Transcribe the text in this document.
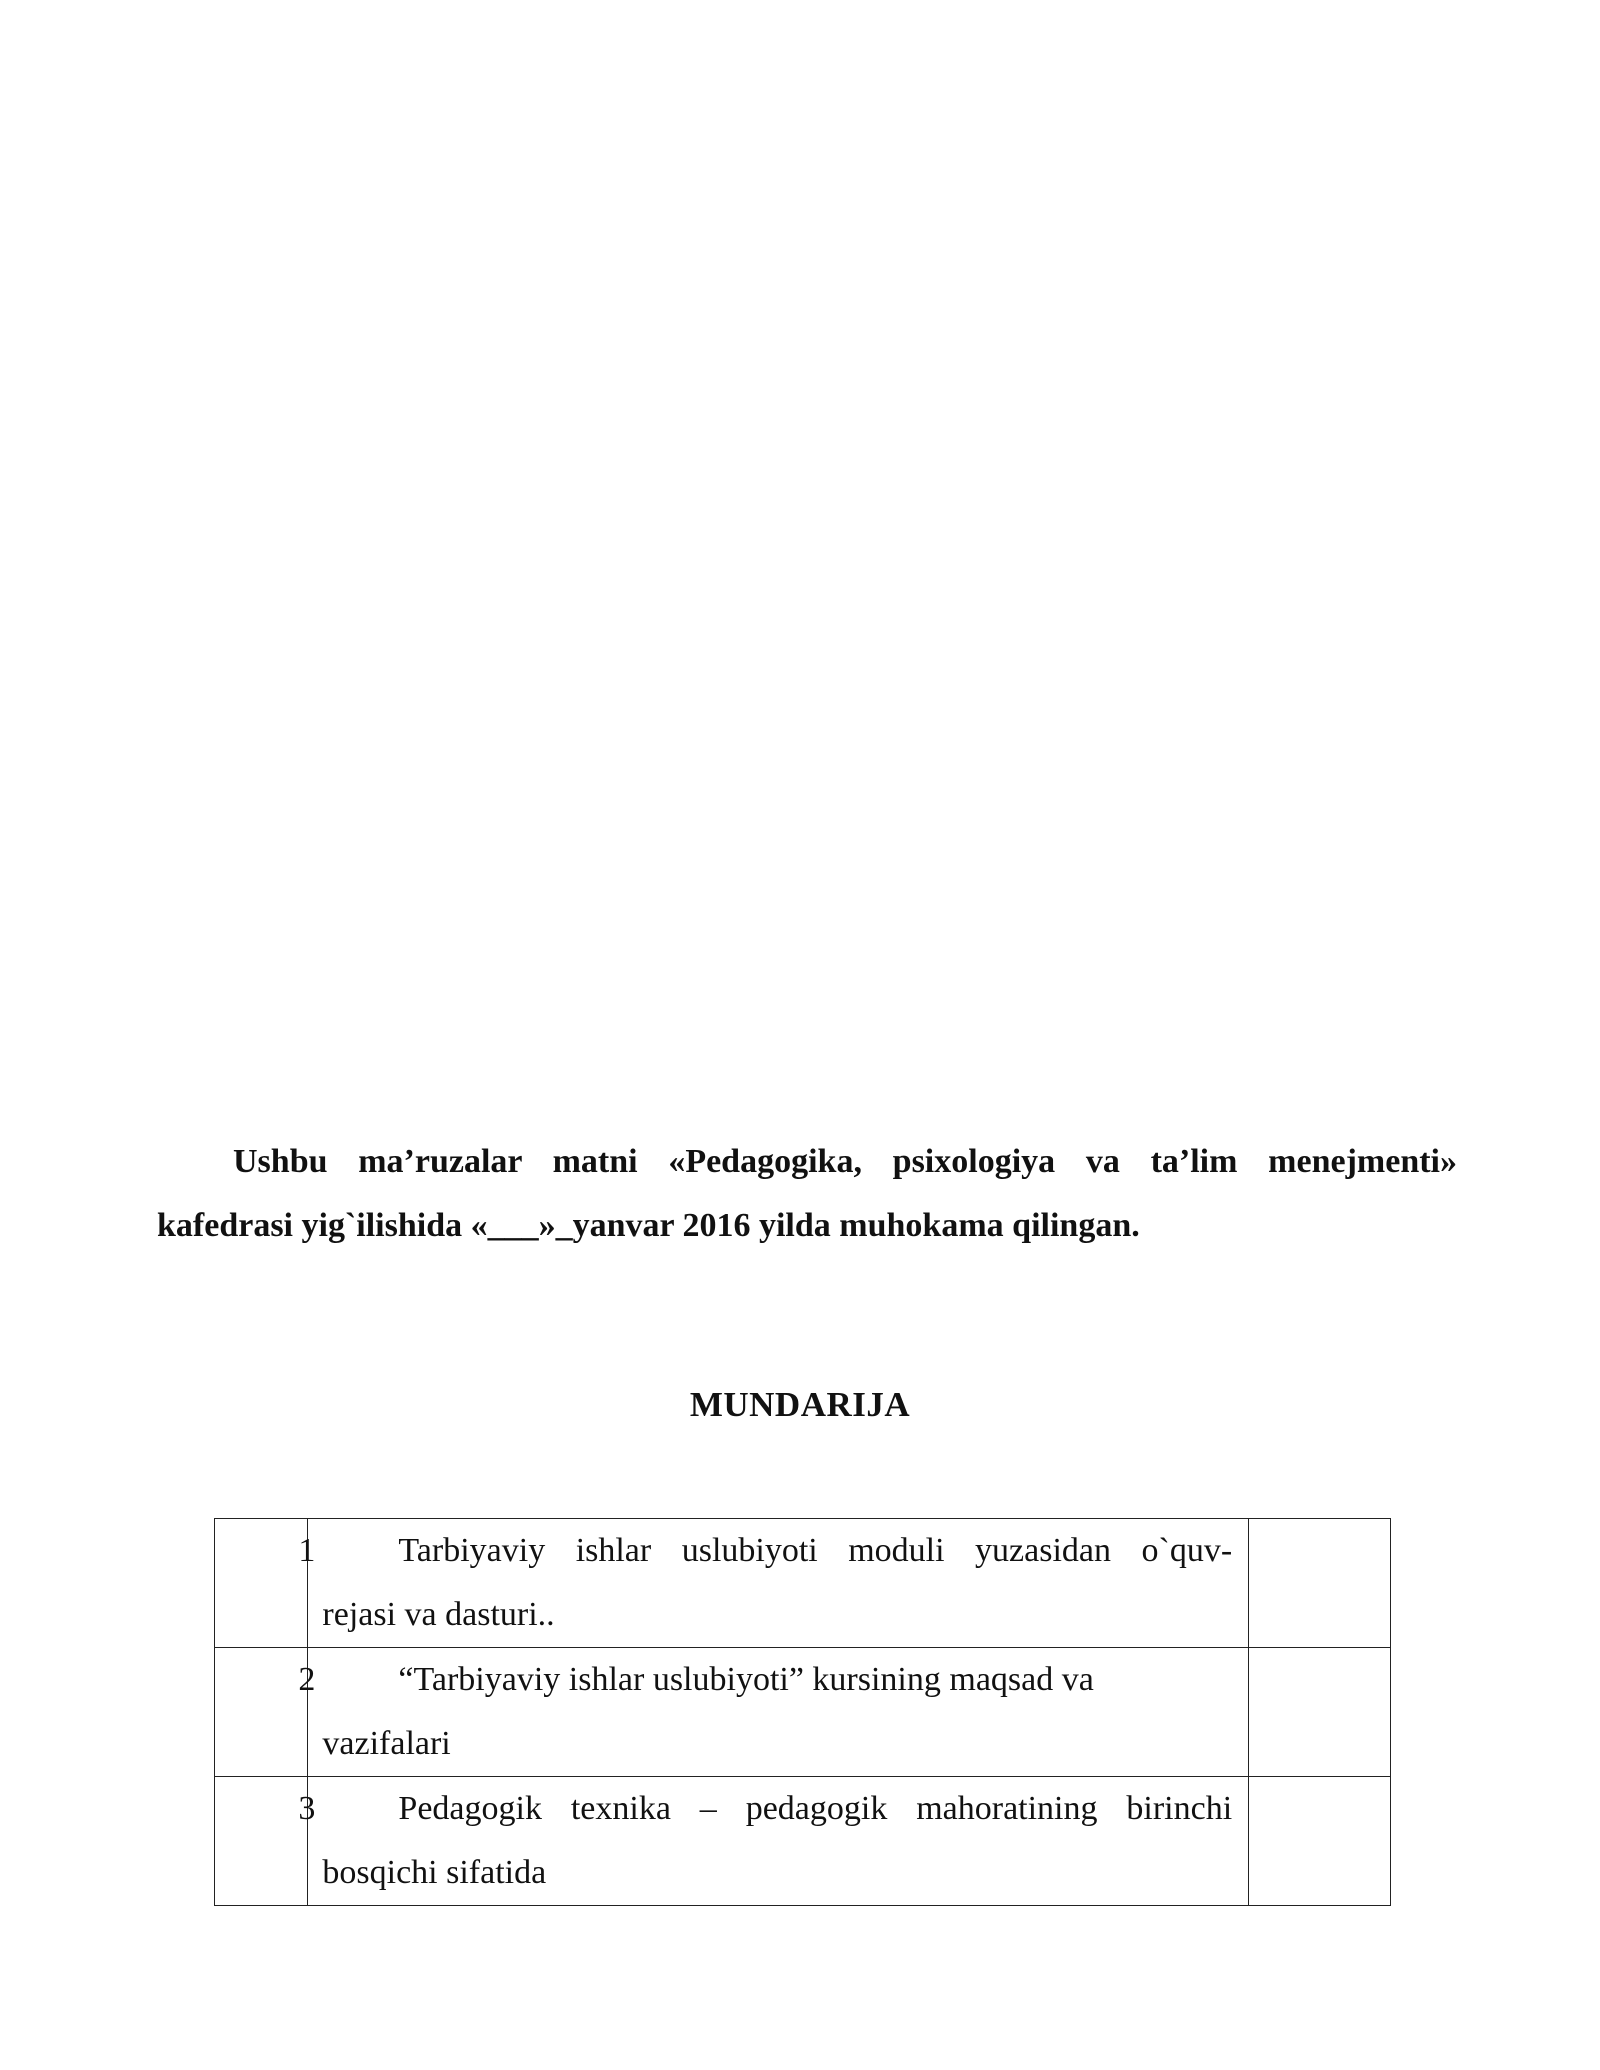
Ushbu ma’ruzalar matni «Pedagogika, psixologiya va ta’lim menejmenti»
kafedrasi yig`ilishida «___»_yanvar 2016 yilda muhokama qilingan.

MUNDARIJA
1	Tarbiyaviy ishlar uslubiyoti moduli yuzasidan o`quv-
rejasi va dasturi..	

2	“Tarbiyaviy ishlar uslubiyoti” kursining maqsad va
vazifalari	

3	Pedagogik texnika – pedagogik mahoratining birinchi
bosqichi sifatida	
